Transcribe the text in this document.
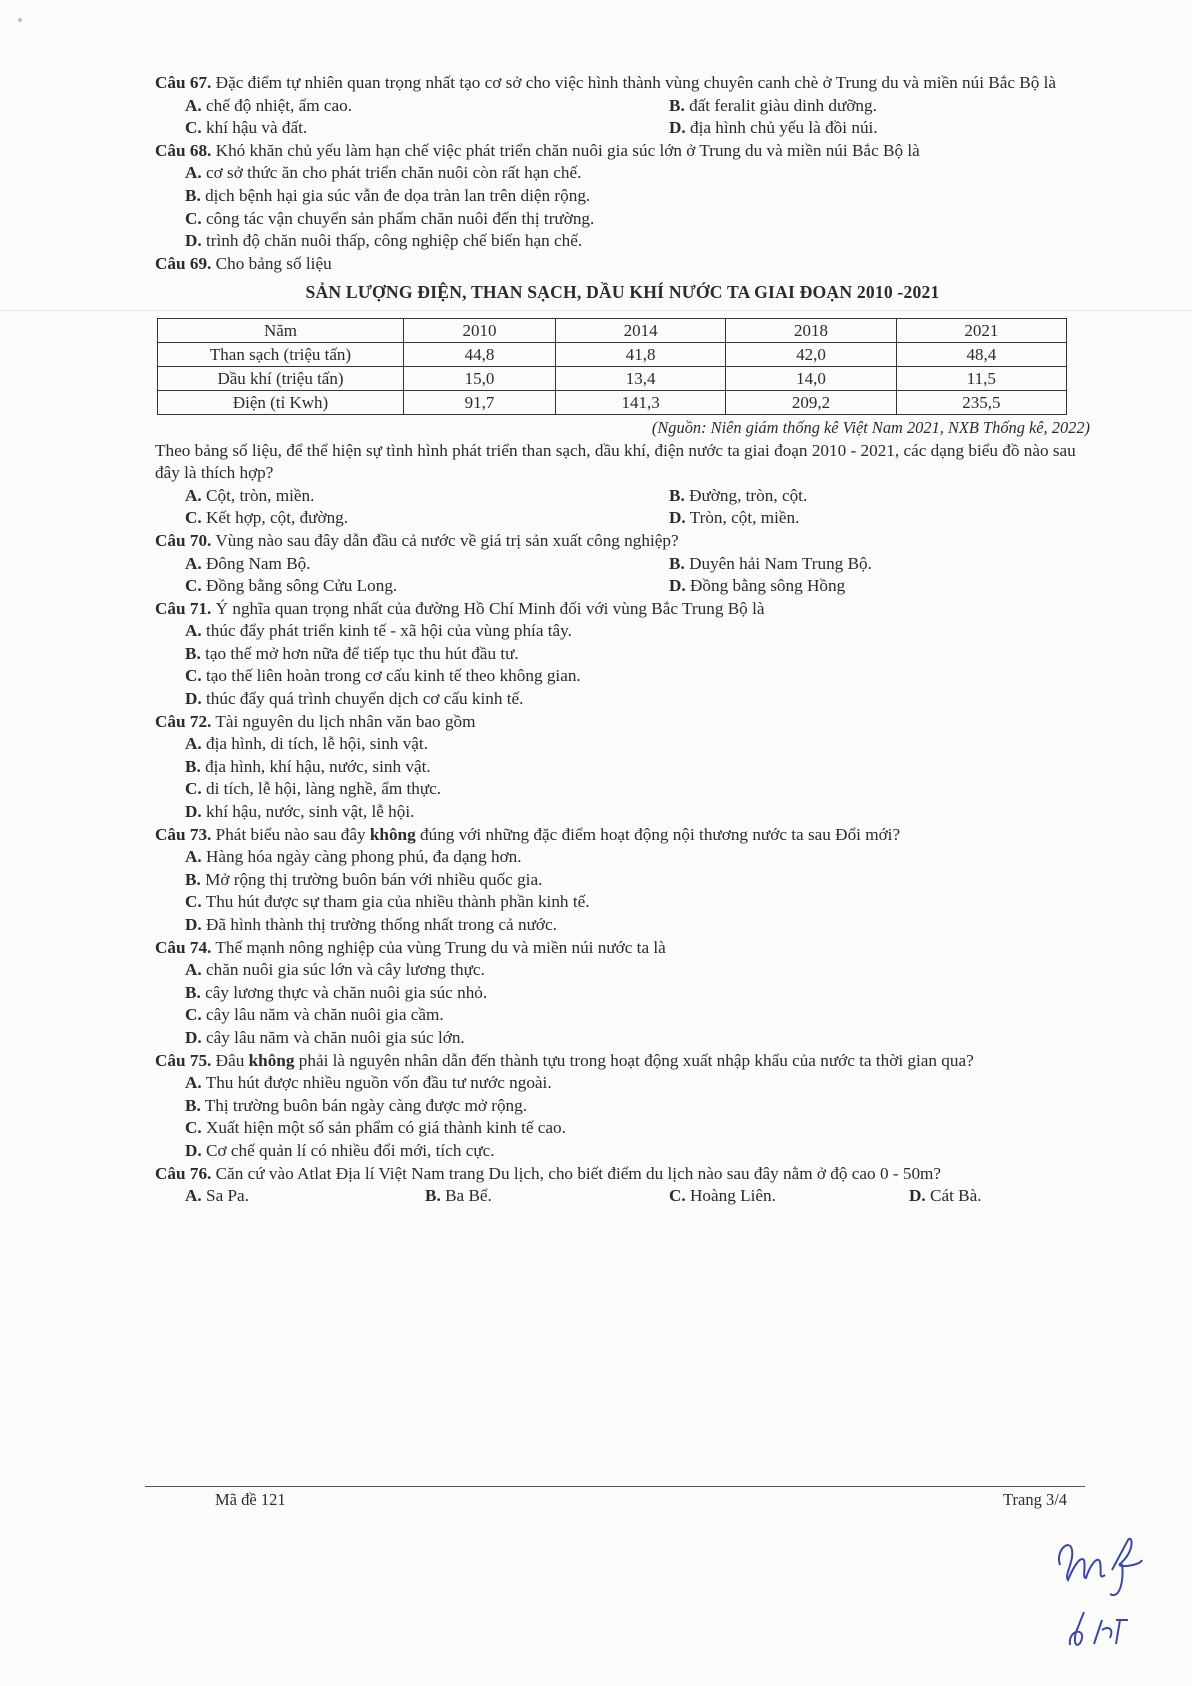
Câu 67. Đặc điểm tự nhiên quan trọng nhất tạo cơ sở cho việc hình thành vùng chuyên canh chè ở Trung du và miền núi Bắc Bộ là

A. chế độ nhiệt, ẩm cao.	B. đất feralit giàu dinh dưỡng.
C. khí hậu và đất.	D. địa hình chủ yếu là đồi núi.

Câu 68. Khó khăn chủ yếu làm hạn chế việc phát triển chăn nuôi gia súc lớn ở Trung du và miền núi Bắc Bộ là

A. cơ sở thức ăn cho phát triển chăn nuôi còn rất hạn chế.
B. dịch bệnh hại gia súc vẫn đe dọa tràn lan trên diện rộng.
C. công tác vận chuyển sản phẩm chăn nuôi đến thị trường.
D. trình độ chăn nuôi thấp, công nghiệp chế biến hạn chế.

Câu 69. Cho bảng số liệu

SẢN LƯỢNG ĐIỆN, THAN SẠCH, DẦU KHÍ NƯỚC TA GIAI ĐOẠN 2010 -2021
Năm	2010	2014	2018	2021
Than sạch (triệu tấn)	44,8	41,8	42,0	48,4
Dầu khí (triệu tấn)	15,0	13,4	14,0	11,5
Điện (tỉ Kwh)	91,7	141,3	209,2	235,5
(Nguồn: Niên giám thống kê Việt Nam 2021, NXB Thống kê, 2022)

Theo bảng số liệu, để thể hiện sự tình hình phát triển than sạch, dầu khí, điện nước ta giai đoạn 2010 - 2021, các dạng biểu đồ nào sau đây là thích hợp?

A. Cột, tròn, miền.	B. Đường, tròn, cột.
C. Kết hợp, cột, đường.	D. Tròn, cột, miền.

Câu 70. Vùng nào sau đây dẫn đầu cả nước về giá trị sản xuất công nghiệp?

A. Đông Nam Bộ.	B. Duyên hải Nam Trung Bộ.
C. Đồng bằng sông Cửu Long.	D. Đồng bằng sông Hồng

Câu 71. Ý nghĩa quan trọng nhất của đường Hồ Chí Minh đối với vùng Bắc Trung Bộ là

A. thúc đẩy phát triển kinh tế - xã hội của vùng phía tây.
B. tạo thế mở hơn nữa để tiếp tục thu hút đầu tư.
C. tạo thế liên hoàn trong cơ cấu kinh tế theo không gian.
D. thúc đẩy quá trình chuyển dịch cơ cấu kinh tế.

Câu 72. Tài nguyên du lịch nhân văn bao gồm

A. địa hình, di tích, lễ hội, sinh vật.
B. địa hình, khí hậu, nước, sinh vật.
C. di tích, lễ hội, làng nghề, ẩm thực.
D. khí hậu, nước, sinh vật, lễ hội.

Câu 73. Phát biểu nào sau đây không đúng với những đặc điểm hoạt động nội thương nước ta sau Đổi mới?

A. Hàng hóa ngày càng phong phú, đa dạng hơn.
B. Mở rộng thị trường buôn bán với nhiều quốc gia.
C. Thu hút được sự tham gia của nhiều thành phần kinh tế.
D. Đã hình thành thị trường thống nhất trong cả nước.

Câu 74. Thế mạnh nông nghiệp của vùng Trung du và miền núi nước ta là

A. chăn nuôi gia súc lớn và cây lương thực.
B. cây lương thực và chăn nuôi gia súc nhỏ.
C. cây lâu năm và chăn nuôi gia cầm.
D. cây lâu năm và chăn nuôi gia súc lớn.

Câu 75. Đâu không phải là nguyên nhân dẫn đến thành tựu trong hoạt động xuất nhập khẩu của nước ta thời gian qua?

A. Thu hút được nhiều nguồn vốn đầu tư nước ngoài.
B. Thị trường buôn bán ngày càng được mở rộng.
C. Xuất hiện một số sản phẩm có giá thành kinh tế cao.
D. Cơ chế quản lí có nhiều đổi mới, tích cực.

Câu 76. Căn cứ vào Atlat Địa lí Việt Nam trang Du lịch, cho biết điểm du lịch nào sau đây nằm ở độ cao 0 - 50m?

A. Sa Pa.	B. Ba Bể.	C. Hoàng Liên.	D. Cát Bà.
Mã đề 121	Trang 3/4
